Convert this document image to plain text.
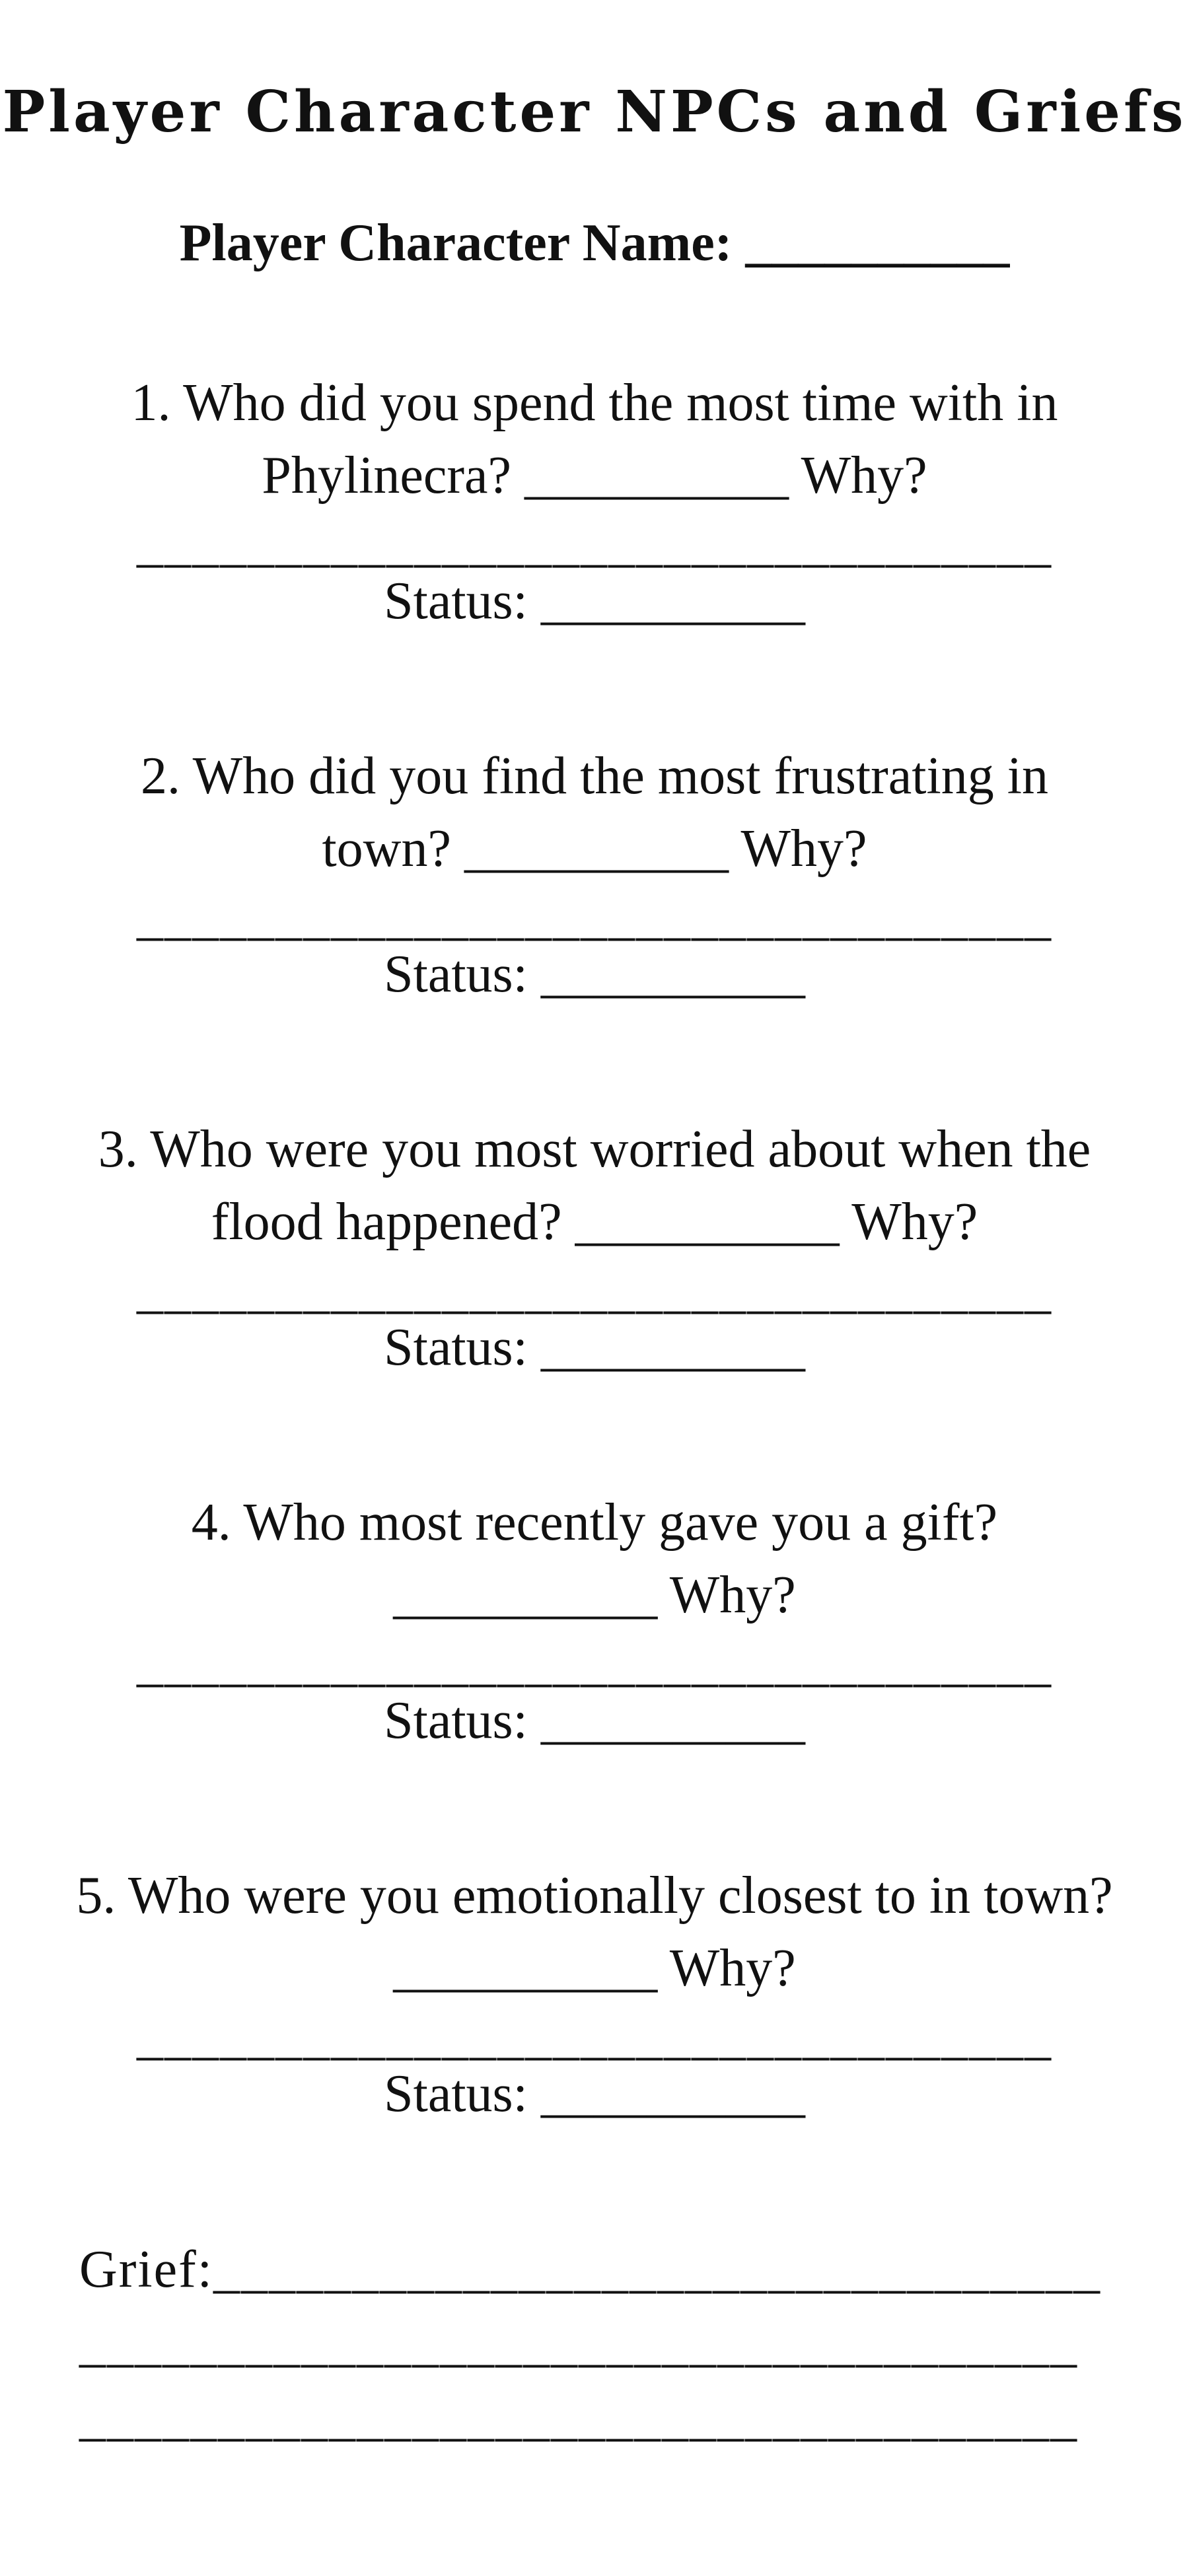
Player Character NPCs and Griefs
Player Character Name: __________
1. Who did you spend the most time with in
Phylinecra? __________ Why?
_________________________________
Status: __________
2. Who did you find the most frustrating in
town? __________ Why?
_________________________________
Status: __________
3. Who were you most worried about when the
flood happened? __________ Why?
_________________________________
Status: __________
4. Who most recently gave you a gift?
__________ Why?
_________________________________
Status: __________
5. Who were you emotionally closest to in town?
__________ Why?
_________________________________
Status: __________
Grief:________________________________
____________________________________
____________________________________
